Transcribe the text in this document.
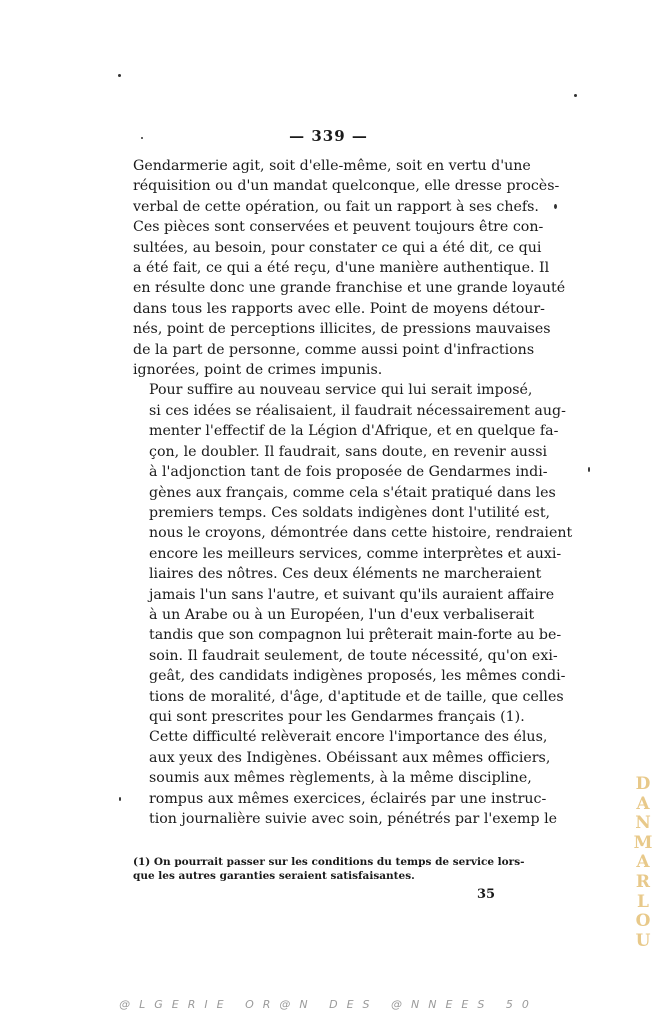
— 339 —

Gendarmerie agit, soit d'elle-même, soit en vertu d'une
réquisition ou d'un mandat quelconque, elle dresse procès-
verbal de cette opération, ou fait un rapport à ses chefs.
Ces pièces sont conservées et peuvent toujours être con-
sultées, au besoin, pour constater ce qui a été dit, ce qui
a été fait, ce qui a été reçu, d'une manière authentique. Il
en résulte donc une grande franchise et une grande loyauté
dans tous les rapports avec elle. Point de moyens détour-
nés, point de perceptions illicites, de pressions mauvaises
de la part de personne, comme aussi point d'infractions
ignorées, point de crimes impunis.

Pour suffire au nouveau service qui lui serait imposé,
si ces idées se réalisaient, il faudrait nécessairement aug-
menter l'effectif de la Légion d'Afrique, et en quelque fa-
çon, le doubler. Il faudrait, sans doute, en revenir aussi
à l'adjonction tant de fois proposée de Gendarmes indi-
gènes aux français, comme cela s'était pratiqué dans les
premiers temps. Ces soldats indigènes dont l'utilité est,
nous le croyons, démontrée dans cette histoire, rendraient
encore les meilleurs services, comme interprètes et auxi-
liaires des nôtres. Ces deux éléments ne marcheraient
jamais l'un sans l'autre, et suivant qu'ils auraient affaire
à un Arabe ou à un Européen, l'un d'eux verbaliserait
tandis que son compagnon lui prêterait main-forte au be-
soin. Il faudrait seulement, de toute nécessité, qu'on exi-
geât, des candidats indigènes proposés, les mêmes condi-
tions de moralité, d'âge, d'aptitude et de taille, que celles
qui sont prescrites pour les Gendarmes français (1).

Cette difficulté relèverait encore l'importance des élus,
aux yeux des Indigènes. Obéissant aux mêmes officiers,
soumis aux mêmes règlements, à la même discipline,
rompus aux mêmes exercices, éclairés par une instruc-
tion journalière suivie avec soin, pénétrés par l'exemp le

(1) On pourrait passer sur les conditions du temps de service lors-
que les autres garanties seraient satisfaisantes.
35
D
A
N
M
A
R
L
O
U
@LGERIE OR@N DES @NNEES 50
